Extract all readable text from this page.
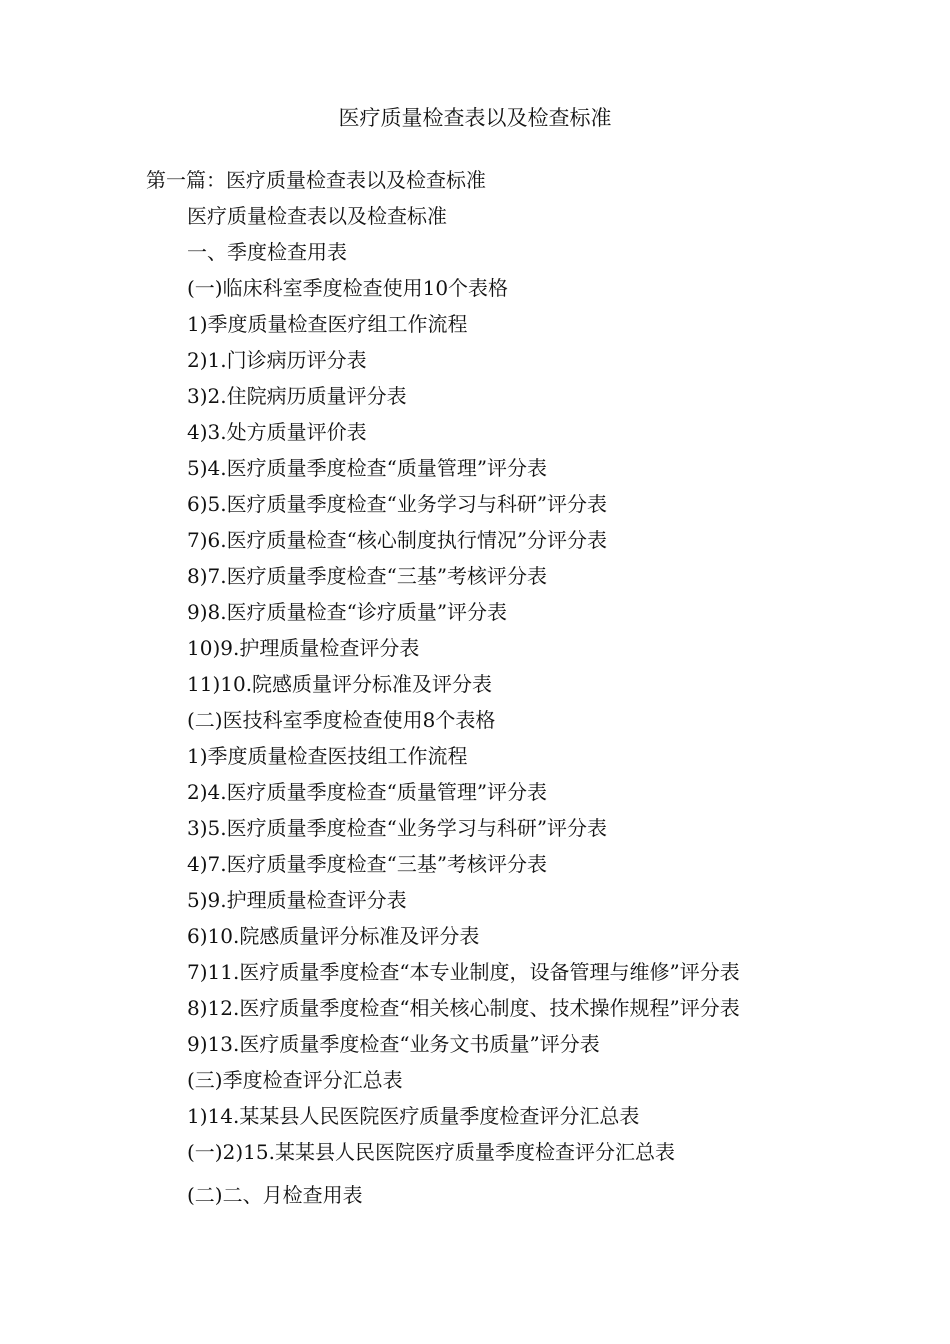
医疗质量检查表以及检查标准
第一篇：医疗质量检查表以及检查标准
医疗质量检查表以及检查标准
一、季度检查用表
(一)临床科室季度检查使用10个表格
1)季度质量检查医疗组工作流程
2)1.门诊病历评分表
3)2.住院病历质量评分表
4)3.处方质量评价表
5)4.医疗质量季度检查“质量管理”评分表
6)5.医疗质量季度检查“业务学习与科研”评分表
7)6.医疗质量检查“核心制度执行情况”分评分表
8)7.医疗质量季度检查“三基”考核评分表
9)8.医疗质量检查“诊疗质量”评分表
10)9.护理质量检查评分表
11)10.院感质量评分标准及评分表
(二)医技科室季度检查使用8个表格
1)季度质量检查医技组工作流程
2)4.医疗质量季度检查“质量管理”评分表
3)5.医疗质量季度检查“业务学习与科研”评分表
4)7.医疗质量季度检查“三基”考核评分表
5)9.护理质量检查评分表
6)10.院感质量评分标准及评分表
7)11.医疗质量季度检查“本专业制度，设备管理与维修”评分表
8)12.医疗质量季度检查“相关核心制度、技术操作规程”评分表
9)13.医疗质量季度检查“业务文书质量”评分表
(三)季度检查评分汇总表
1)14.某某县人民医院医疗质量季度检查评分汇总表
(一)2)15.某某县人民医院医疗质量季度检查评分汇总表
(二)二、月检查用表
